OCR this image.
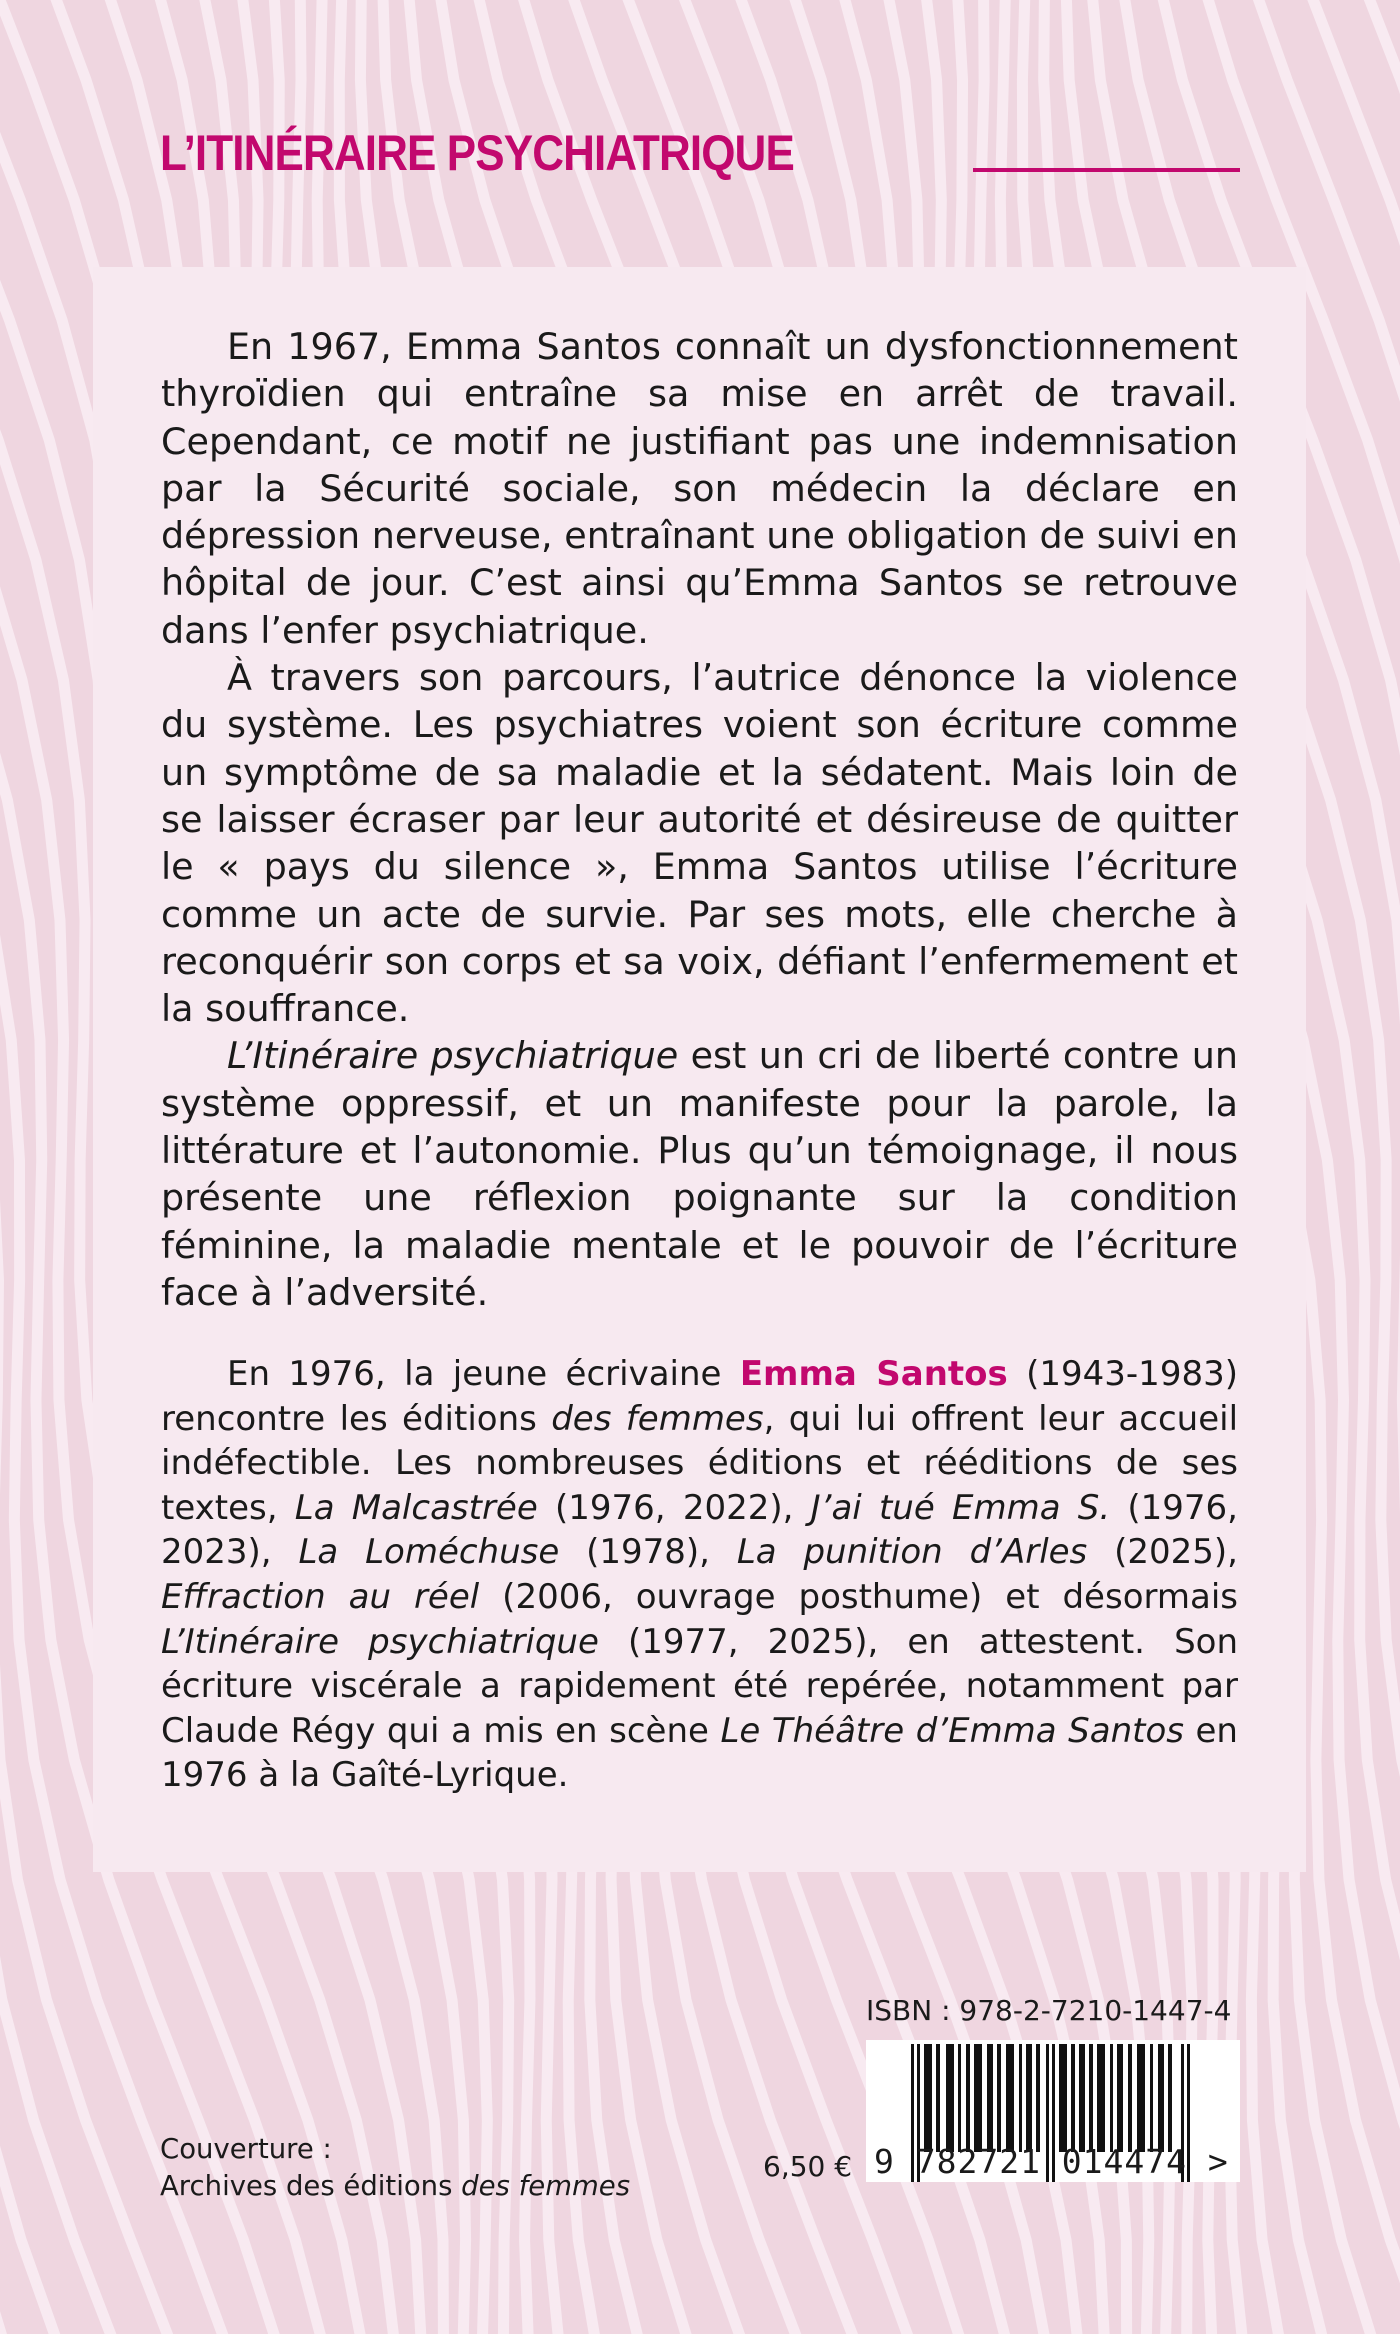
L’ITINÉRAIRE PSYCHIATRIQUE

En 1967, Emma Santos connaît un dysfonctionnement thyroïdien qui entraîne sa mise en arrêt de travail. Cependant, ce motif ne justifiant pas une indemnisation par la Sécurité sociale, son médecin la déclare en dépression nerveuse, entraînant une obligation de suivi en hôpital de jour. C’est ainsi qu’Emma Santos se retrouve dans l’enfer psychiatrique.

À travers son parcours, l’autrice dénonce la violence du système. Les psychiatres voient son écriture comme un symptôme de sa maladie et la sédatent. Mais loin de se laisser écraser par leur autorité et désireuse de quitter le « pays du silence », Emma Santos utilise l’écriture comme un acte de survie. Par ses mots, elle cherche à reconquérir son corps et sa voix, défiant l’enfermement et la souffrance.

L’Itinéraire psychiatrique est un cri de liberté contre un système oppressif, et un manifeste pour la parole, la littérature et l’autonomie. Plus qu’un témoignage, il nous présente une réflexion poignante sur la condition féminine, la maladie mentale et le pouvoir de l’écriture face à l’adversité.

En 1976, la jeune écrivaine Emma Santos (1943-1983) rencontre les éditions des femmes, qui lui offrent leur accueil indéfectible. Les nombreuses éditions et rééditions de ses textes, La Malcastrée (1976, 2022), J’ai tué Emma S. (1976, 2023), La Loméchuse (1978), La punition d’Arles (2025), Effraction au réel (2006, ouvrage posthume) et désormais L’Itinéraire psychiatrique (1977, 2025), en attestent. Son écriture viscérale a rapidement été repérée, notamment par Claude Régy qui a mis en scène Le Théâtre d’Emma Santos en 1976 à la Gaîté-Lyrique.

ISBN : 978-2-7210-1447-4
6,50 € 9 782721 014474 >
Couverture :
Archives des éditions des femmes
